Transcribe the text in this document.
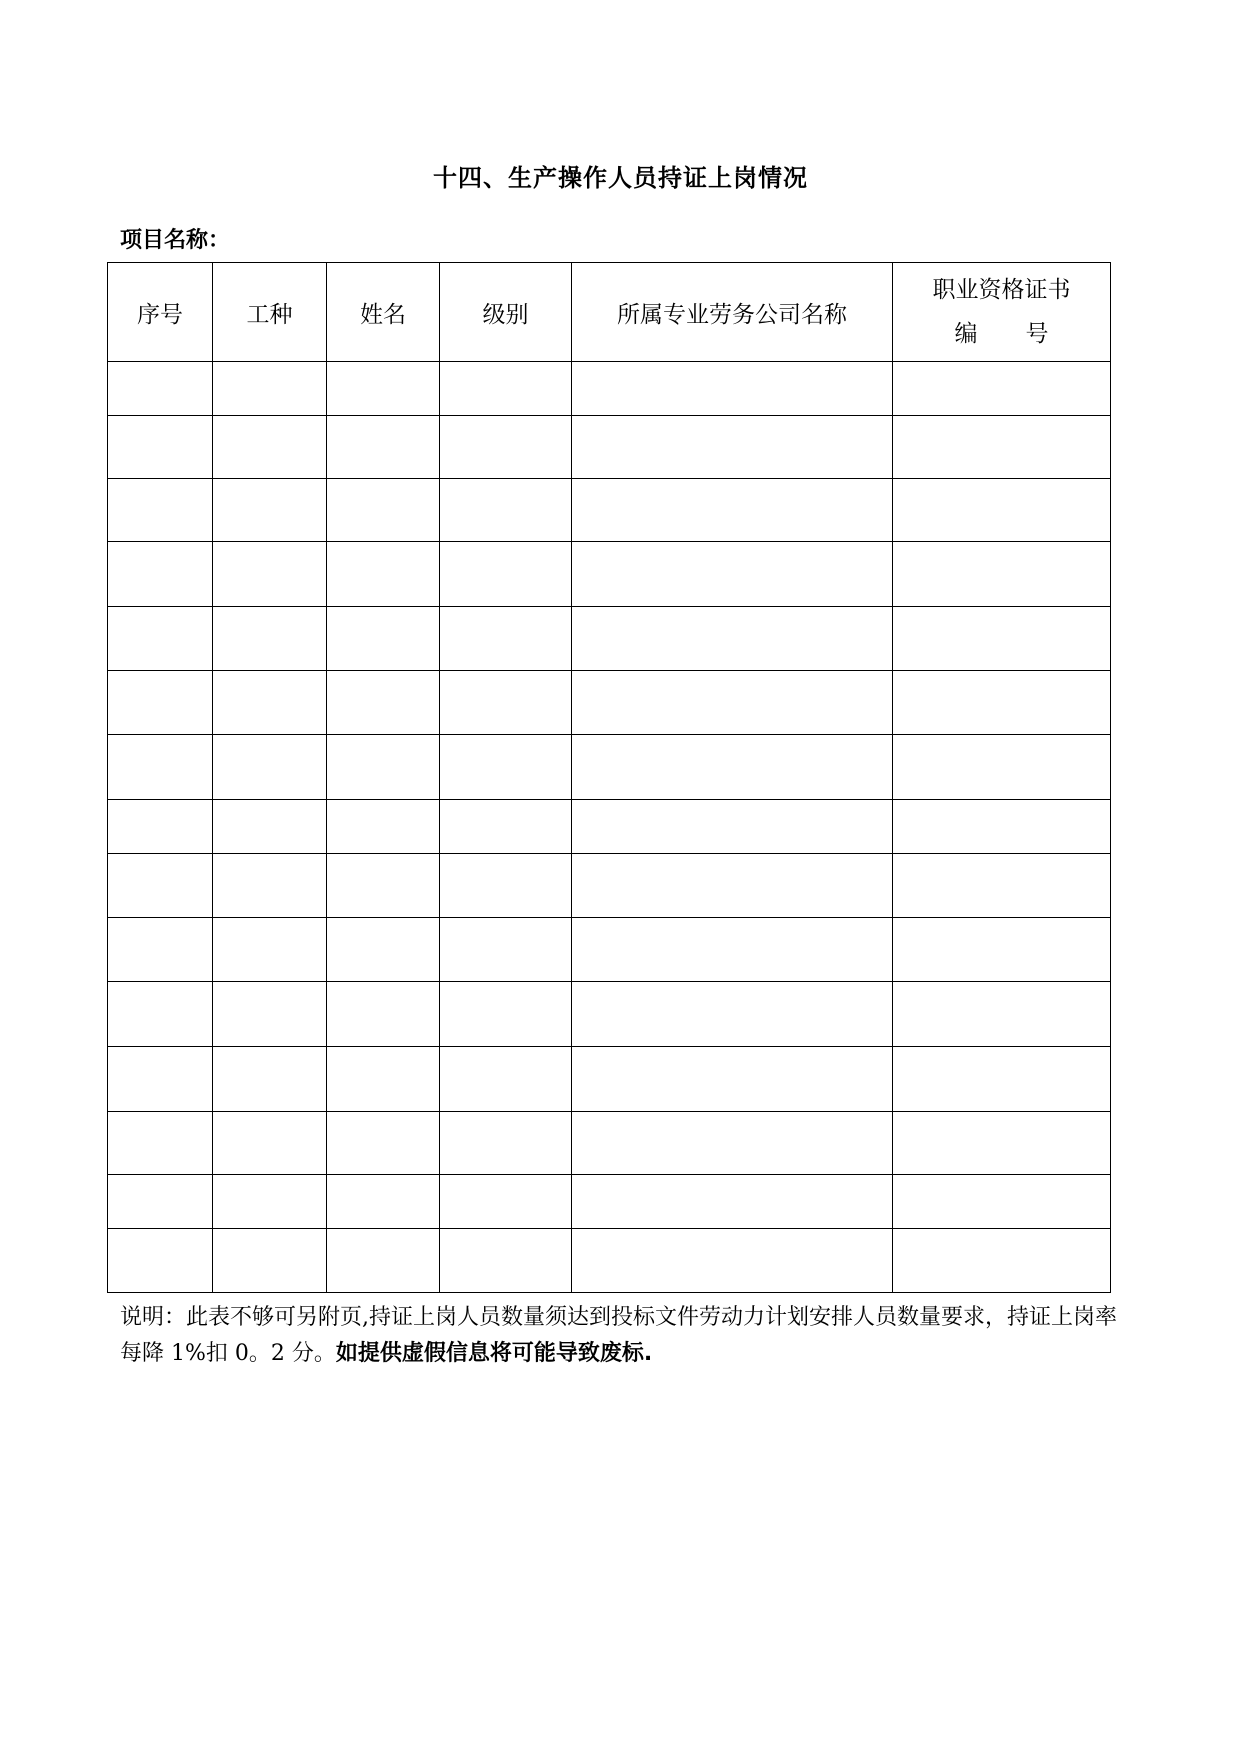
十四、生产操作人员持证上岗情况
项目名称：
序号	工种	姓名	级别	所属专业劳务公司名称	职业资格证书
编号

说明：此表不够可另附页,持证上岗人员数量须达到投标文件劳动力计划安排人员数量要求，持证上岗率每降 1%扣 0。2 分。如提供虚假信息将可能导致废标.
